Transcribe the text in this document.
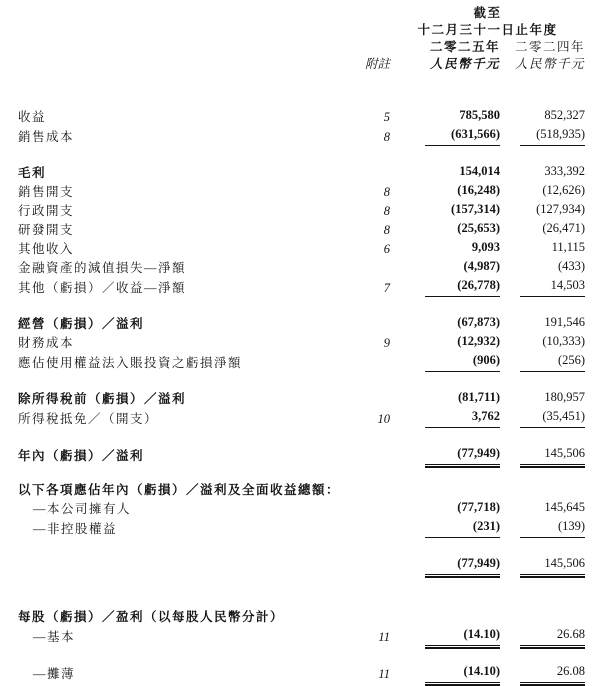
		截至	
		十二月三十一日止年度	
		二零二五年	二零二四年
	附註	人民幣千元	人民幣千元

收益	5	785,580	852,327

銷售成本	8	(631,566)	(518,935)

毛利		154,014	333,392

銷售開支	8	(16,248)	(12,626)

行政開支	8	(157,314)	(127,934)

研發開支	8	(25,653)	(26,471)

其他收入	6	9,093	11,115

金融資產的減值損失—淨額		(4,987)	(433)

其他（虧損）／收益—淨額	7	(26,778)	14,503

經營（虧損）／溢利		(67,873)	191,546

財務成本	9	(12,932)	(10,333)

應佔使用權益法入賬投資之虧損淨額		(906)	(256)

除所得稅前（虧損）／溢利		(81,711)	180,957

所得稅抵免／（開支）	10	3,762	(35,451)

年內（虧損）／溢利		(77,949)	145,506

以下各項應佔年內（虧損）／溢利及全面收益總額：			
—本公司擁有人		(77,718)	145,645

—非控股權益		(231)	(139)

		(77,949)	145,506

每股（虧損）／盈利（以每股人民幣分計）			
—基本	11	(14.10)	26.68

—攤薄	11	(14.10)	26.08
